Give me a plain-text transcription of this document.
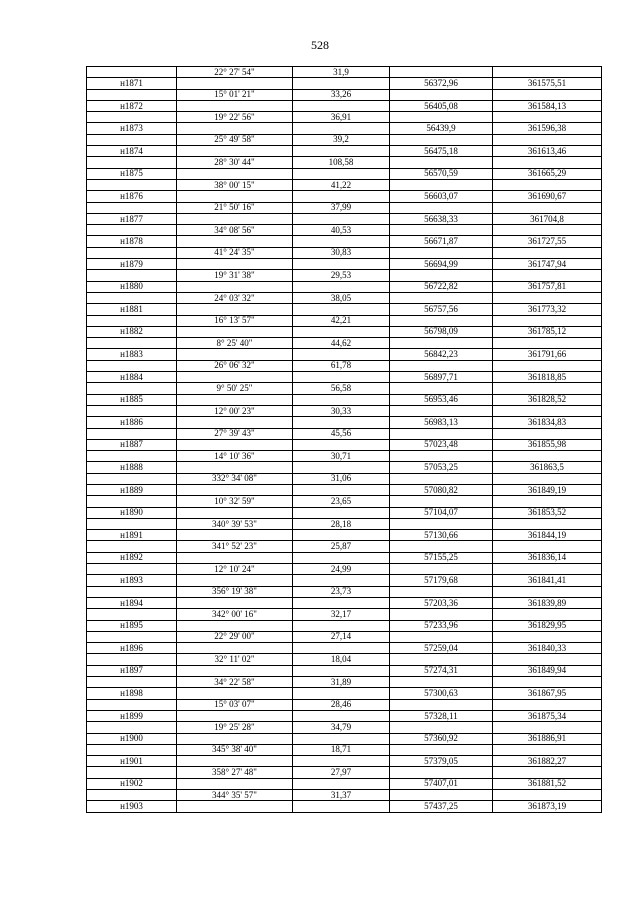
528
	22° 27' 54"	31,9		
н1871			56372,96	361575,51
	15° 01' 21"	33,26		
н1872			56405,08	361584,13
	19° 22' 56"	36,91		
н1873			56439,9	361596,38
	25° 49' 58"	39,2		
н1874			56475,18	361613,46
	28° 30' 44"	108,58		
н1875			56570,59	361665,29
	38° 00' 15"	41,22		
н1876			56603,07	361690,67
	21° 50' 16"	37,99		
н1877			56638,33	361704,8
	34° 08' 56"	40,53		
н1878			56671,87	361727,55
	41° 24' 35"	30,83		
н1879			56694,99	361747,94
	19° 31' 38"	29,53		
н1880			56722,82	361757,81
	24° 03' 32"	38,05		
н1881			56757,56	361773,32
	16° 13' 57"	42,21		
н1882			56798,09	361785,12
	8° 25' 40"	44,62		
н1883			56842,23	361791,66
	26° 06' 32"	61,78		
н1884			56897,71	361818,85
	9° 50' 25"	56,58		
н1885			56953,46	361828,52
	12° 00' 23"	30,33		
н1886			56983,13	361834,83
	27° 39' 43"	45,56		
н1887			57023,48	361855,98
	14° 10' 36"	30,71		
н1888			57053,25	361863,5
	332° 34' 08"	31,06		
н1889			57080,82	361849,19
	10° 32' 59"	23,65		
н1890			57104,07	361853,52
	340° 39' 53"	28,18		
н1891			57130,66	361844,19
	341° 52' 23"	25,87		
н1892			57155,25	361836,14
	12° 10' 24"	24,99		
н1893			57179,68	361841,41
	356° 19' 38"	23,73		
н1894			57203,36	361839,89
	342° 00' 16"	32,17		
н1895			57233,96	361829,95
	22° 29' 00"	27,14		
н1896			57259,04	361840,33
	32° 11' 02"	18,04		
н1897			57274,31	361849,94
	34° 22' 58"	31,89		
н1898			57300,63	361867,95
	15° 03' 07"	28,46		
н1899			57328,11	361875,34
	19° 25' 28"	34,79		
н1900			57360,92	361886,91
	345° 38' 40"	18,71		
н1901			57379,05	361882,27
	358° 27' 48"	27,97		
н1902			57407,01	361881,52
	344° 35' 57"	31,37		
н1903			57437,25	361873,19
